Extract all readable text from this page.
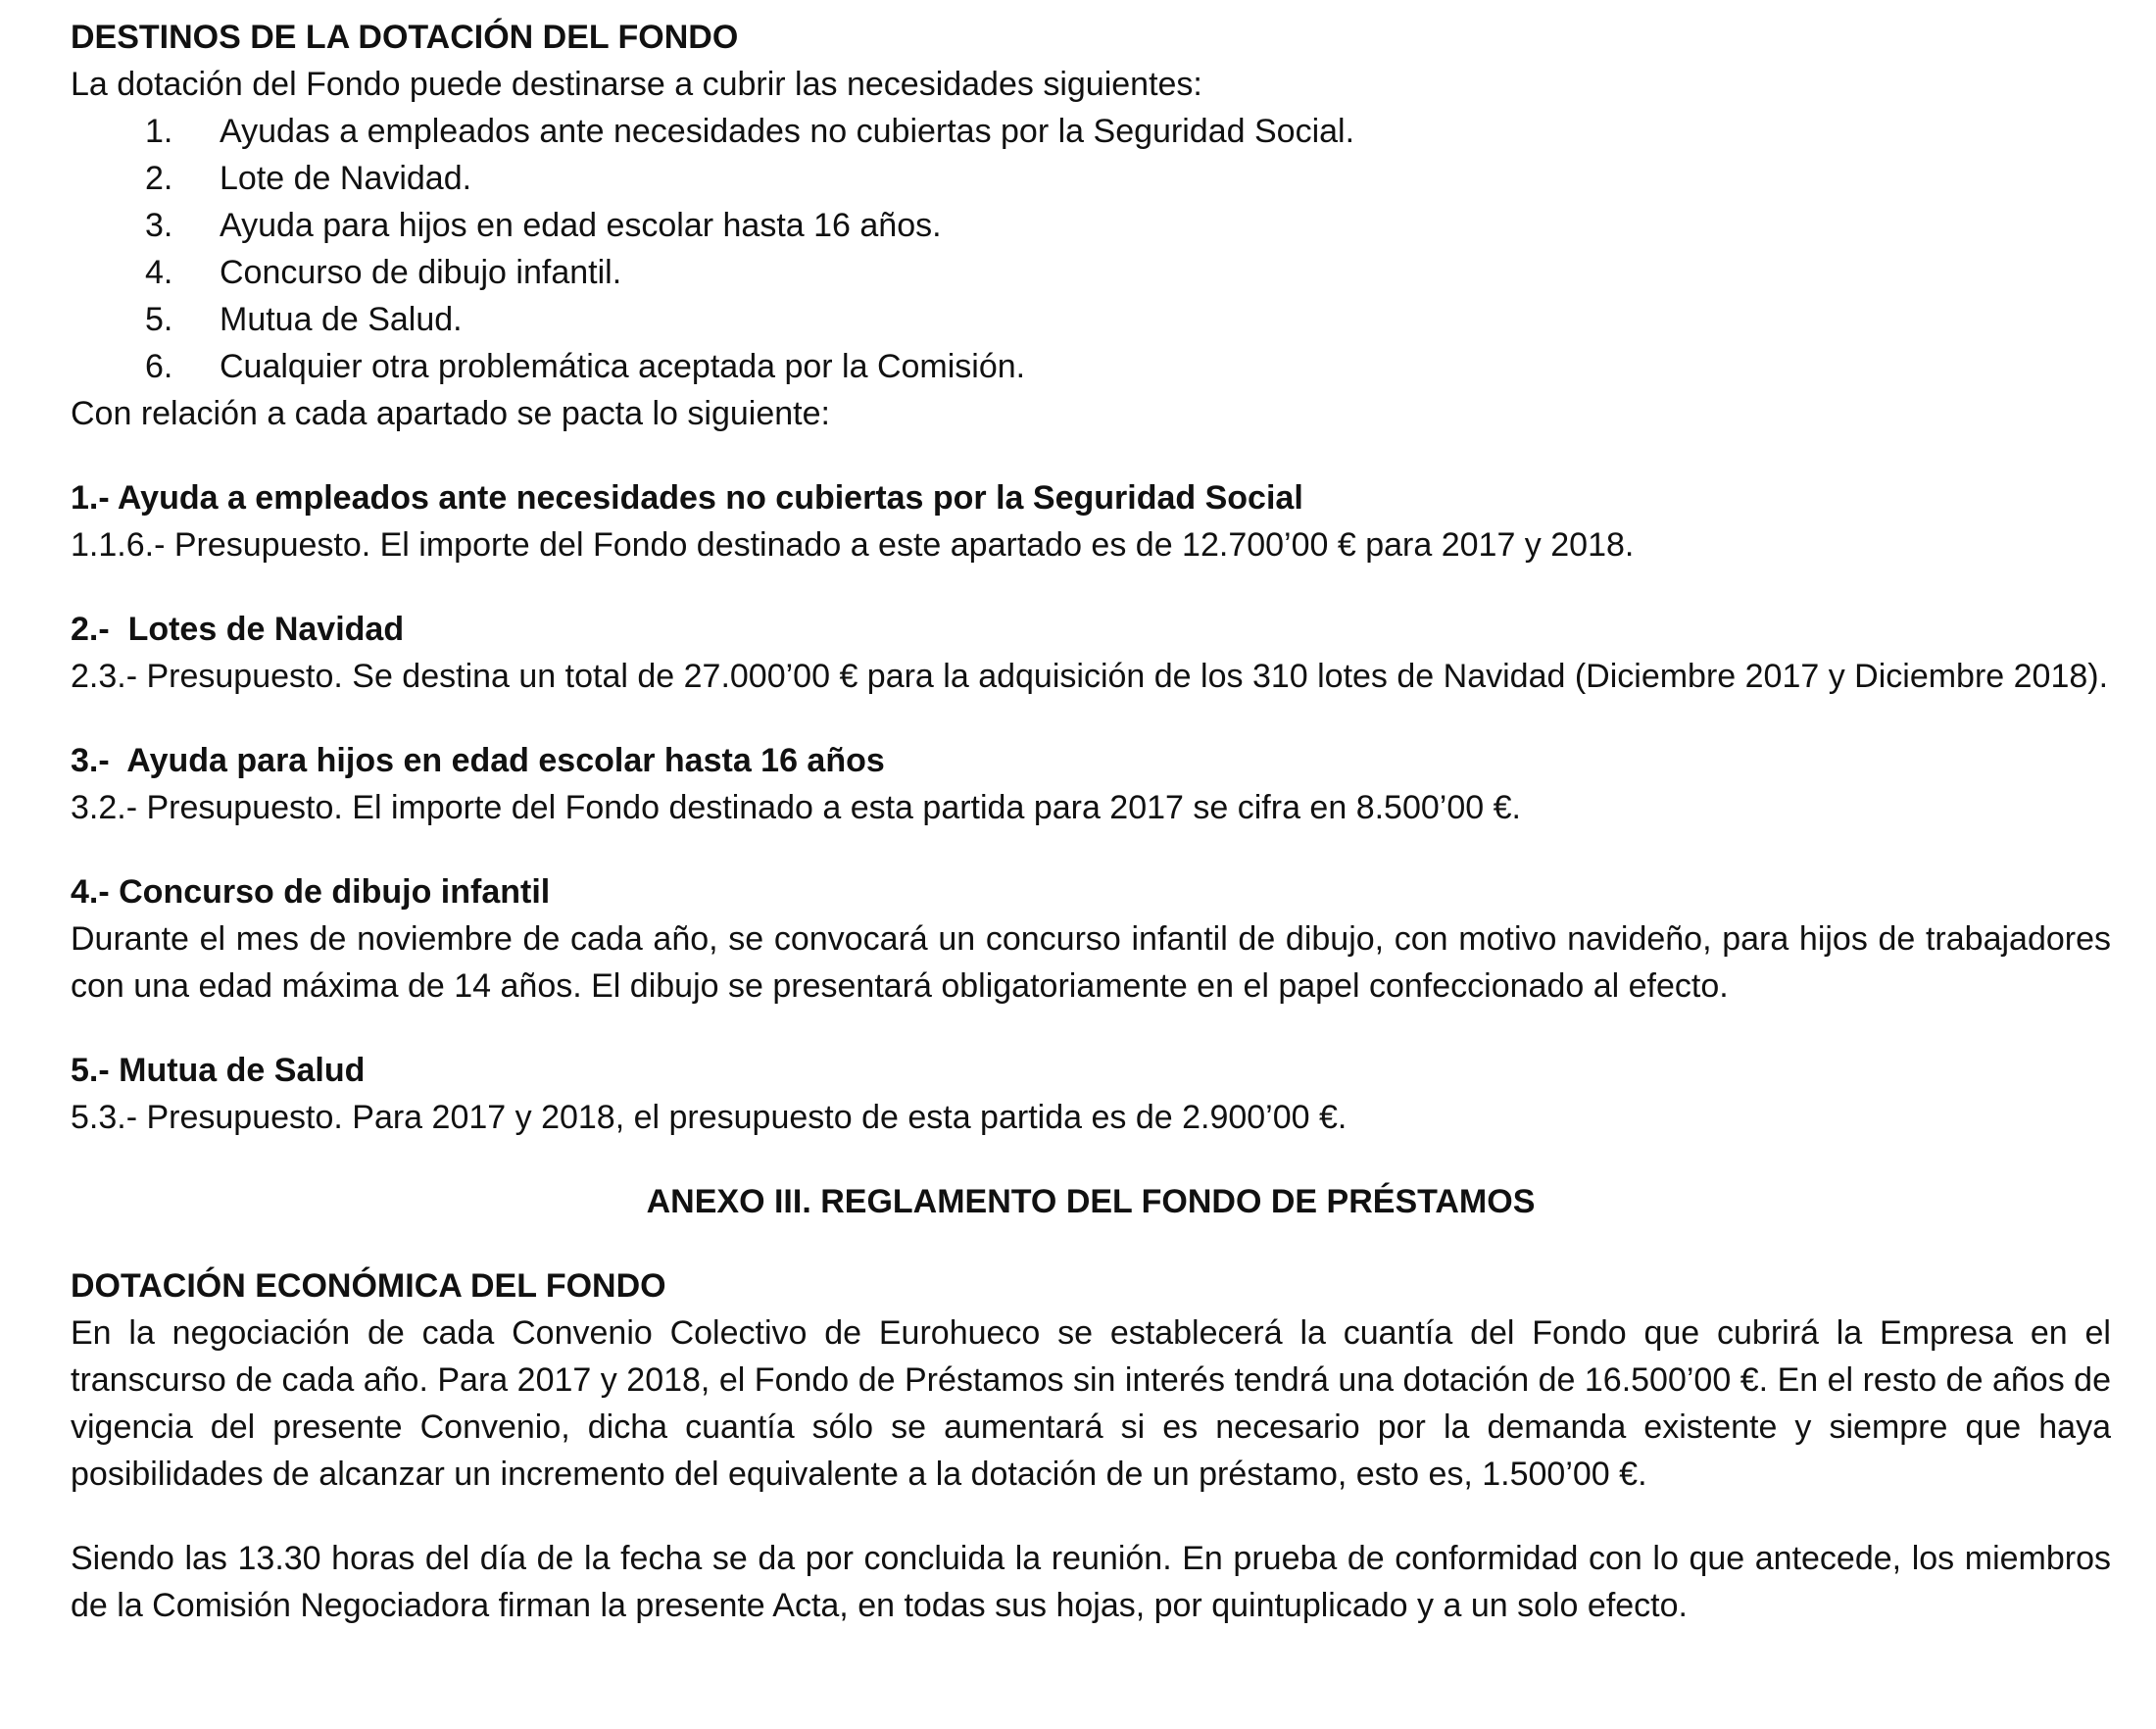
DESTINOS DE LA DOTACIÓN DEL FONDO

La dotación del Fondo puede destinarse a cubrir las necesidades siguientes:

1.	Ayudas a empleados ante necesidades no cubiertas por la Seguridad Social.
2.	Lote de Navidad.
3.	Ayuda para hijos en edad escolar hasta 16 años.
4.	Concurso de dibujo infantil.
5.	Mutua de Salud.
6.	Cualquier otra problemática aceptada por la Comisión.

Con relación a cada apartado se pacta lo siguiente:

1.- Ayuda a empleados ante necesidades no cubiertas por la Seguridad Social

1.1.6.- Presupuesto. El importe del Fondo destinado a este apartado es de 12.700’00 € para 2017 y 2018.

2.-  Lotes de Navidad

2.3.- Presupuesto. Se destina un total de 27.000’00 € para la adquisición de los 310 lotes de Navidad (Diciembre 2017 y Diciembre 2018).

3.-  Ayuda para hijos en edad escolar hasta 16 años

3.2.- Presupuesto. El importe del Fondo destinado a esta partida para 2017 se cifra en 8.500’00 €.

4.- Concurso de dibujo infantil

Durante el mes de noviembre de cada año, se convocará un concurso infantil de dibujo, con motivo navideño, para hijos de trabajadores con una edad máxima de 14 años. El dibujo se presentará obligatoriamente en el papel confeccionado al efecto.

5.- Mutua de Salud

5.3.- Presupuesto. Para 2017 y 2018, el presupuesto de esta partida es de 2.900’00 €.

ANEXO III. REGLAMENTO DEL FONDO DE PRÉSTAMOS

DOTACIÓN ECONÓMICA DEL FONDO

En la negociación de cada Convenio Colectivo de Eurohueco se establecerá la cuantía del Fondo que cubrirá la Empresa en el transcurso de cada año. Para 2017 y 2018, el Fondo de Préstamos sin interés tendrá una dotación de 16.500’00 €. En el resto de años de vigencia del presente Convenio, dicha cuantía sólo se aumentará si es necesario por la demanda existente y siempre que haya posibilidades de alcanzar un incremento del equivalente a la dotación de un préstamo, esto es, 1.500’00 €.

Siendo las 13.30 horas del día de la fecha se da por concluida la reunión. En prueba de conformidad con lo que antecede, los miembros de la Comisión Negociadora firman la presente Acta, en todas sus hojas, por quintuplicado y a un solo efecto.
